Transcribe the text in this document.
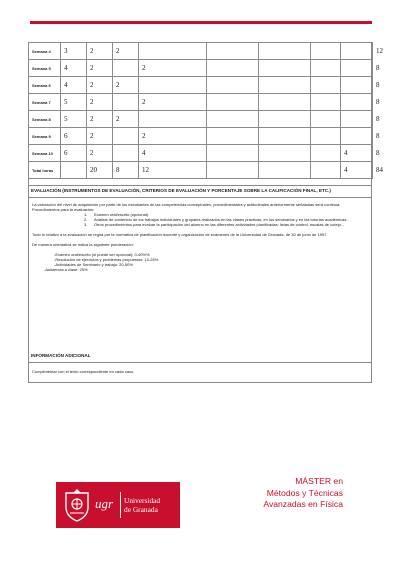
Semana 4	3	2	2						12
Semana 5	4	2		2					8
Semana 6	4	2	2						8
Semana 7	5	2		2					8
Semana 8	5	2	2						8
Semana 9	6	2		2					8
Semana 10	6	2		4				4	8
Total horas		20	8	12				4	84
EVALUACIÓN (INSTRUMENTOS DE EVALUACIÓN, CRITERIOS DE EVALUACIÓN Y PORCENTAJE SOBRE LA CALIFICACIÓN FINAL, ETC.)

La valoración del nivel de adquisición por parte de los estudiantes de las competencias conceptuales, procedimentales y actitudinales anteriormente señaladas será continua.

Procedimientos para la evaluación:

1. Examen oral/escrito (opcional).
2. Análisis de contenido de los trabajos individuales y grupales realizados en las clases prácticas, en los seminarios y en las tutorías académicas.
3. Otros procedimientos para evaluar la participación del alumno en las diferentes actividades planificadas: listas de control, escalas de cotejo...

Todo lo relativo a la evaluación se regirá por la normativa de planificación docente y organización de exámenes de la Universidad de Granada, de 30 de junio de 1997.

De manera orientativa se indica la siguiente ponderación:

-Examen oral/escrito (si puede ser opcional): 0-40%%

-Resolución de ejercicios y problemas propuestos: 10-25%

-Actividades de Seminario y trabajo: 20-50%

-Asistencia a clase: 25%

INFORMACIÓN ADICIONAL
Cumplimentar con el texto correspondiente en cada caso.
ugr Universidad
de Granada
MÁSTER en
Métodos y Técnicas
Avanzadas en Física
